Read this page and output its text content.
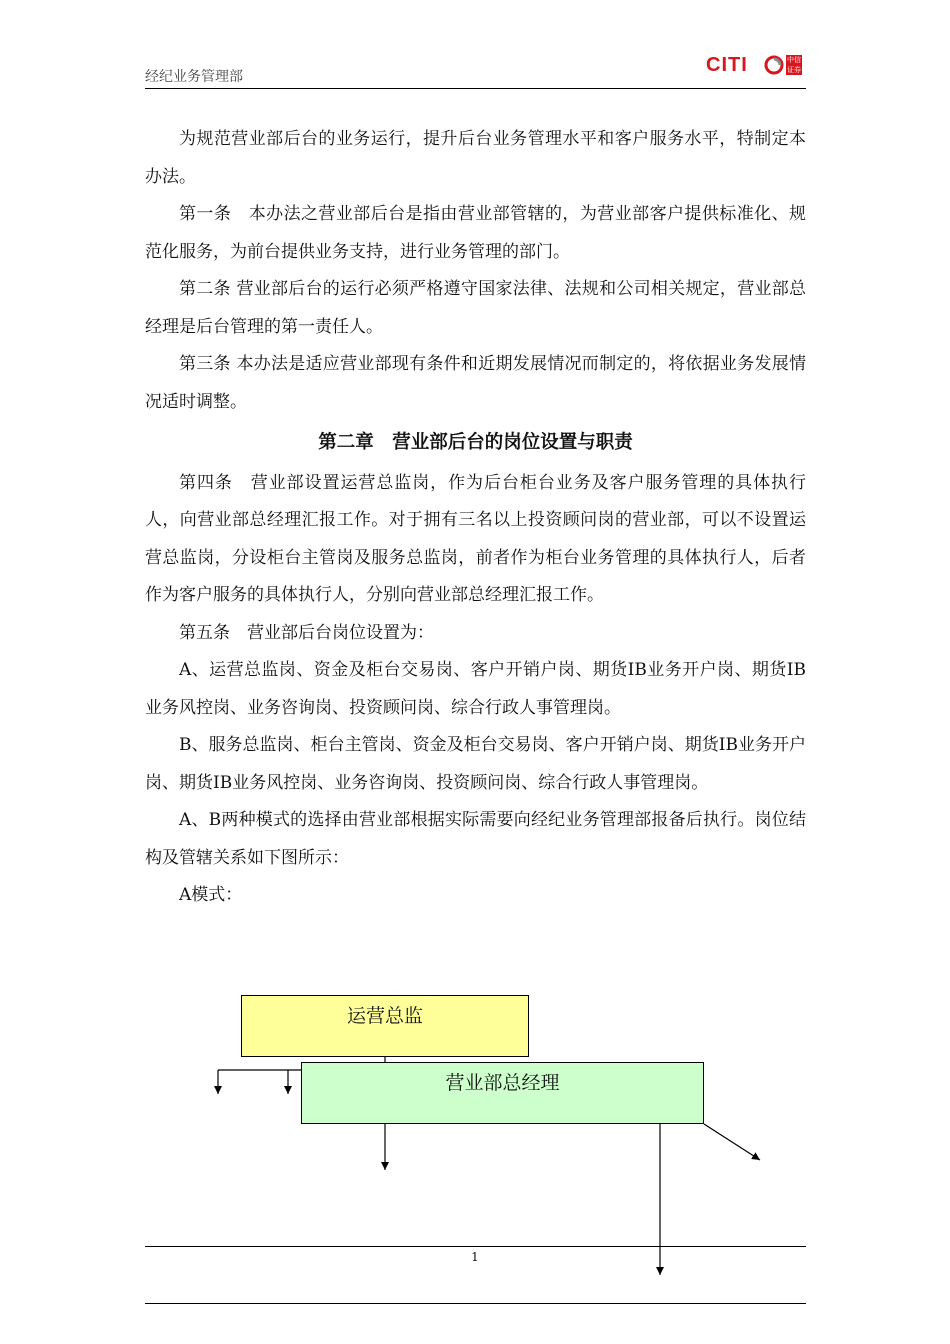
经纪业务管理部
CITI	中信证券

为规范营业部后台的业务运行，提升后台业务管理水平和客户服务水平，特制定本办法。

第一条　本办法之营业部后台是指由营业部管辖的，为营业部客户提供标准化、规范化服务，为前台提供业务支持，进行业务管理的部门。

第二条 营业部后台的运行必须严格遵守国家法律、法规和公司相关规定，营业部总经理是后台管理的第一责任人。

第三条 本办法是适应营业部现有条件和近期发展情况而制定的，将依据业务发展情况适时调整。

第二章　营业部后台的岗位设置与职责

第四条　营业部设置运营总监岗，作为后台柜台业务及客户服务管理的具体执行人，向营业部总经理汇报工作。对于拥有三名以上投资顾问岗的营业部，可以不设置运营总监岗，分设柜台主管岗及服务总监岗，前者作为柜台业务管理的具体执行人，后者作为客户服务的具体执行人，分别向营业部总经理汇报工作。

第五条　营业部后台岗位设置为：

A、运营总监岗、资金及柜台交易岗、客户开销户岗、期货IB业务开户岗、期货IB业务风控岗、业务咨询岗、投资顾问岗、综合行政人事管理岗。

B、服务总监岗、柜台主管岗、资金及柜台交易岗、客户开销户岗、期货IB业务开户岗、期货IB业务风控岗、业务咨询岗、投资顾问岗、综合行政人事管理岗。

A、B两种模式的选择由营业部根据实际需要向经纪业务管理部报备后执行。岗位结构及管辖关系如下图所示：

A模式：

运营总监
营业部总经理
1
